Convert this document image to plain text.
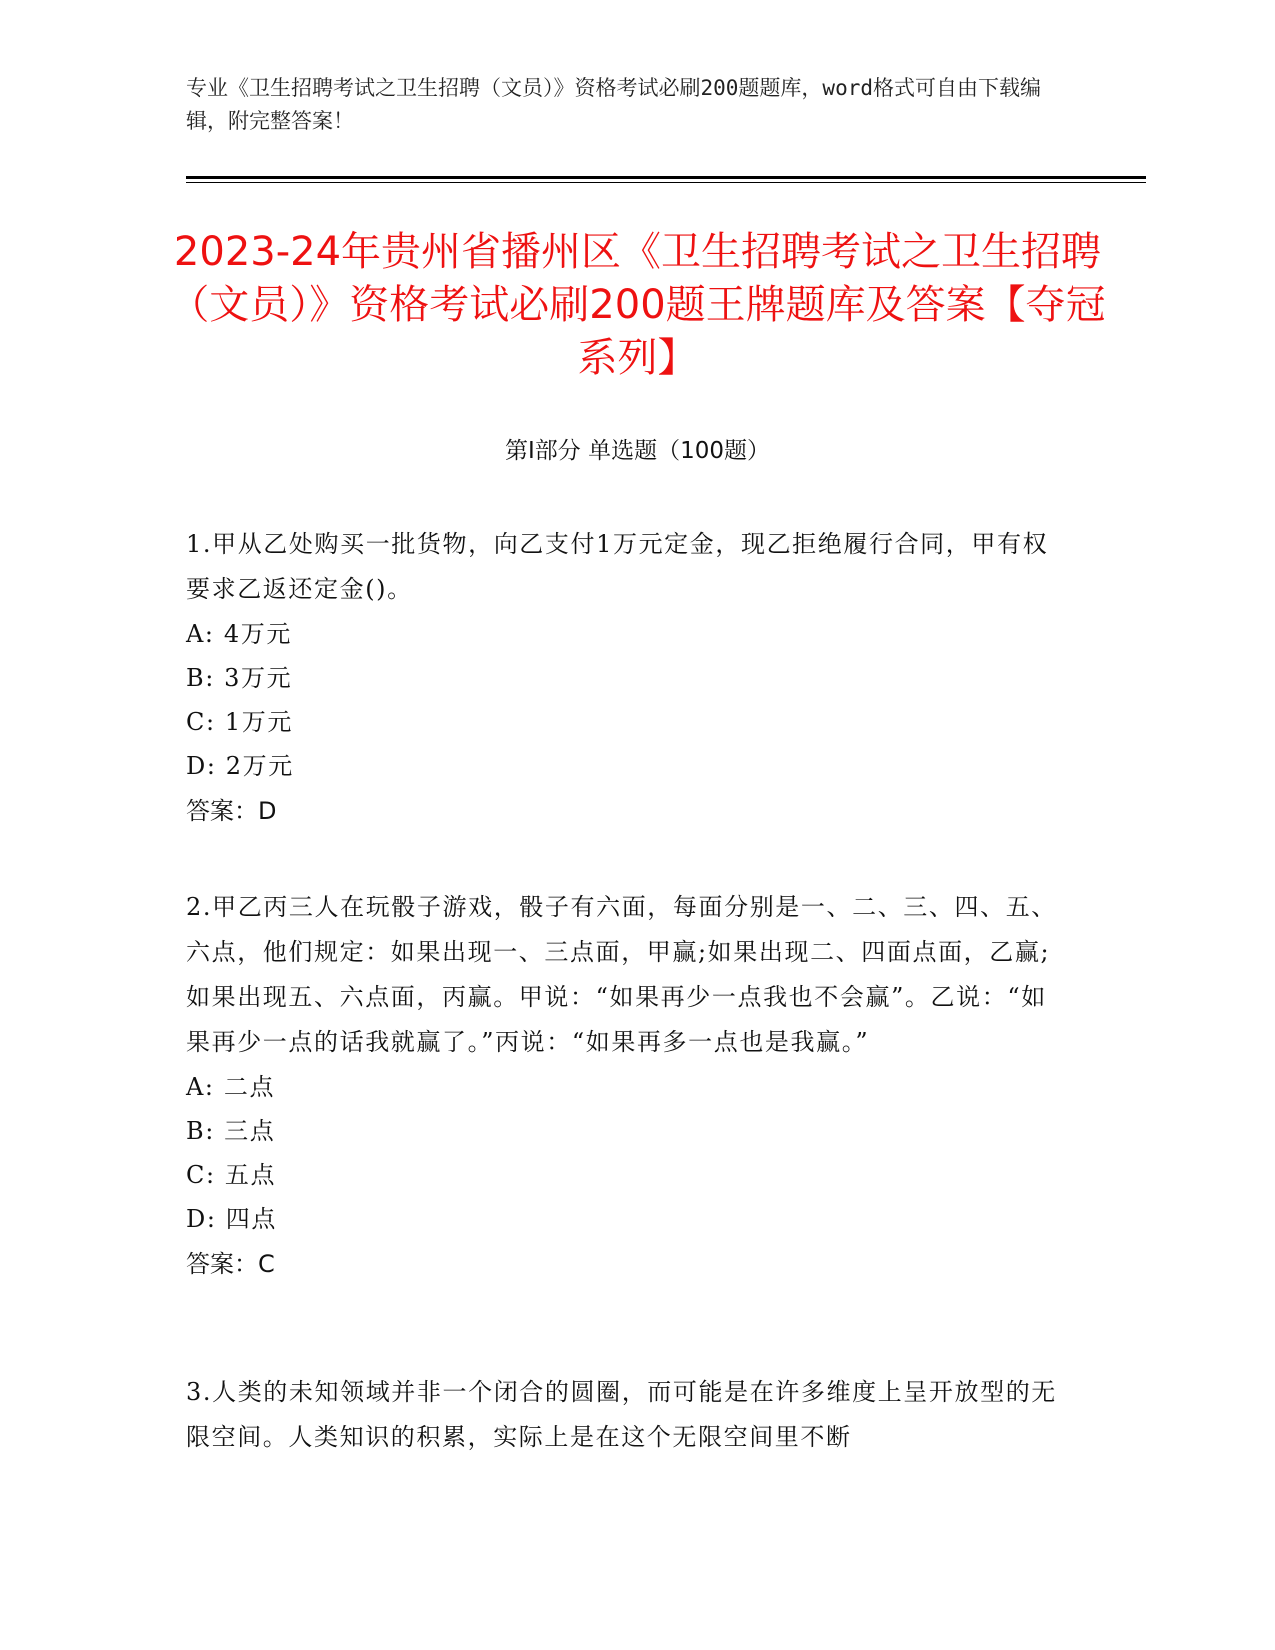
专业《卫生招聘考试之卫生招聘（文员）》资格考试必刷200题题库，word格式可自由下载编辑，附完整答案！
2023-24年贵州省播州区《卫生招聘考试之卫生招聘（文员）》资格考试必刷200题王牌题库及答案【夺冠系列】
第I部分 单选题（100题）
1.甲从乙处购买一批货物，向乙支付1万元定金，现乙拒绝履行合同，甲有权要求乙返还定金()。
A: 4万元
B: 3万元
C: 1万元
D: 2万元
答案：D
2.甲乙丙三人在玩骰子游戏，骰子有六面，每面分别是一、二、三、四、五、六点，他们规定：如果出现一、三点面，甲赢;如果出现二、四面点面，乙赢;如果出现五、六点面，丙赢。甲说：“如果再少一点我也不会赢”。乙说：“如果再少一点的话我就赢了。”丙说：“如果再多一点也是我赢。”
A: 二点
B: 三点
C: 五点
D: 四点
答案：C
3.人类的未知领域并非一个闭合的圆圈，而可能是在许多维度上呈开放型的无限空间。人类知识的积累，实际上是在这个无限空间里不断
